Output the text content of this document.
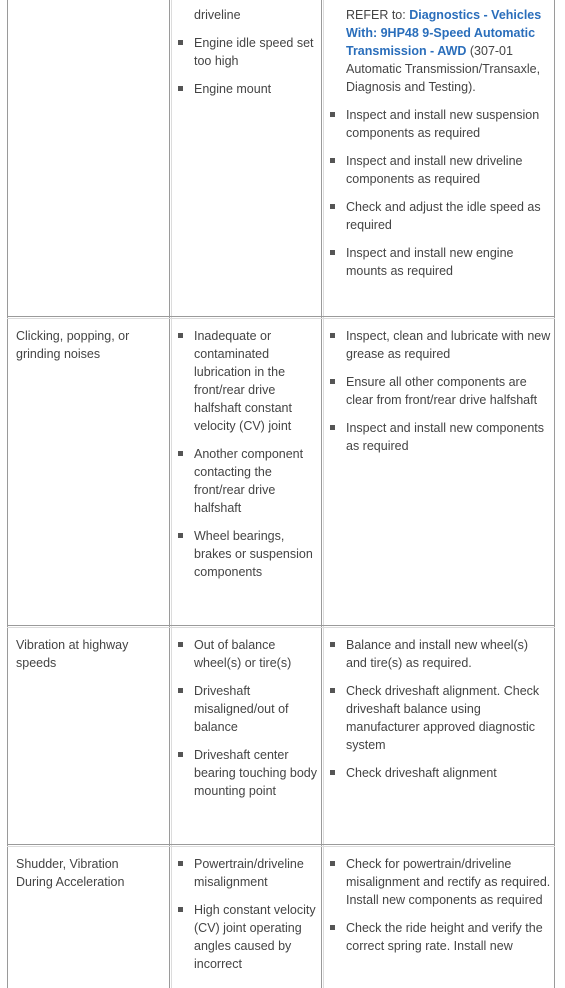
driveline
Engine idle speed set too high
Engine mount
REFER to: Diagnostics - Vehicles With: 9HP48 9-Speed Automatic Transmission - AWD (307-01 Automatic Transmission/Transaxle, Diagnosis and Testing).
Inspect and install new suspension components as required
Inspect and install new driveline components as required
Check and adjust the idle speed as required
Inspect and install new engine mounts as required
Clicking, popping, or grinding noises
Inadequate or contaminated lubrication in the front/rear drive halfshaft constant velocity (CV) joint
Another component contacting the front/rear drive halfshaft
Wheel bearings, brakes or suspension components
Inspect, clean and lubricate with new grease as required
Ensure all other components are clear from front/rear drive halfshaft
Inspect and install new components as required
Vibration at highway speeds
Out of balance wheel(s) or tire(s)
Driveshaft misaligned/out of balance
Driveshaft center bearing touching body mounting point
Balance and install new wheel(s) and tire(s) as required.
Check driveshaft alignment. Check driveshaft balance using manufacturer approved diagnostic system
Check driveshaft alignment
Shudder, Vibration During Acceleration
Powertrain/driveline misalignment
High constant velocity (CV) joint operating angles caused by incorrect
Check for powertrain/driveline misalignment and rectify as required. Install new components as required
Check the ride height and verify the correct spring rate. Install new
